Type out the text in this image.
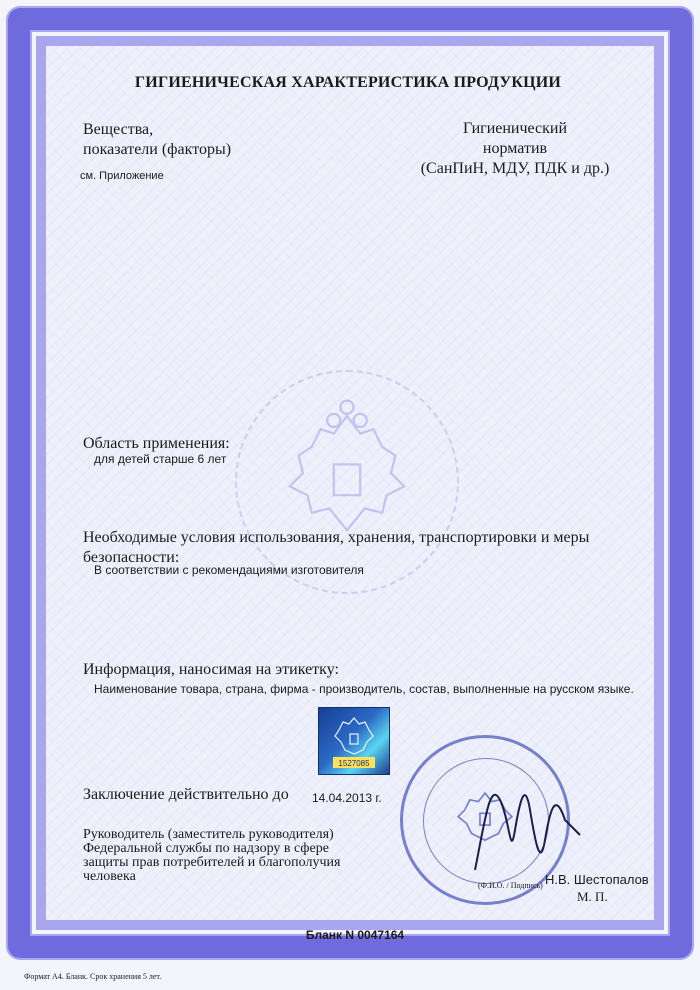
ГИГИЕНИЧЕСКАЯ ХАРАКТЕРИСТИКА ПРОДУКЦИИ
Вещества,
показатели (факторы)
см. Приложение
Гигиенический
норматив
(СанПиН, МДУ, ПДК и др.)
Область применения:
для детей старше 6 лет
Необходимые условия использования, хранения, транспортировки и меры
безопасности:
В соответствии с рекомендациями изготовителя
Информация, наносимая на этикетку:
Наименование товара, страна, фирма - производитель, состав, выполненные на русском языке.
1527085
Заключение действительно до 14.04.2013 г.
Руководитель (заместитель руководителя)
Федеральной службы по надзору в сфере
защиты прав потребителей и благополучия
человека	Н.В. Шестопалов
(Ф.И.О. / Подпись)
М. П.
Бланк N 0047164
Формат А4. Бланк. Срок хранения 5 лет.
